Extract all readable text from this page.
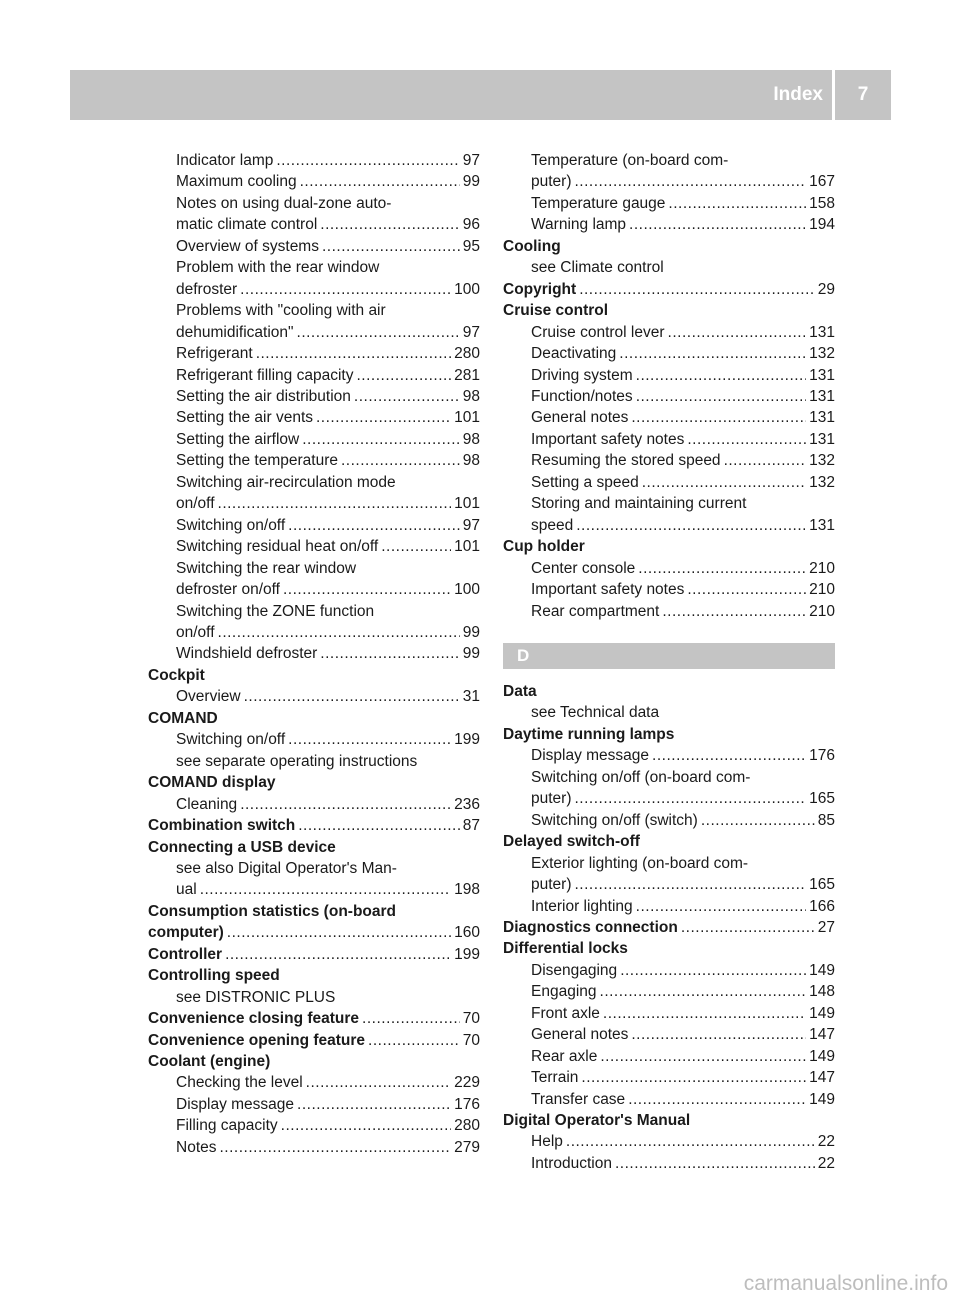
Index	7
Indicator lamp .....	97
Maximum cooling .....	99
Notes on using dual-zone auto-
matic climate control .....	96
Overview of systems .....	95
Problem with the rear window
defroster .....	100
Problems with "cooling with air
dehumidification" .....	97
Refrigerant .....	280
Refrigerant filling capacity .....	281
Setting the air distribution .....	98
Setting the air vents .....	101
Setting the airflow .....	98
Setting the temperature .....	98
Switching air-recirculation mode
on/off .....	101
Switching on/off .....	97
Switching residual heat on/off .....	101
Switching the rear window
defroster on/off .....	100
Switching the ZONE function
on/off .....	99
Windshield defroster .....	99
Cockpit
Overview .....	31
COMAND
Switching on/off .....	199
see separate operating instructions
COMAND display
Cleaning .....	236
Combination switch .....	87
Connecting a USB device
see also Digital Operator's Man-
ual .....	198
Consumption statistics (on-board
computer) .....	160
Controller .....	199
Controlling speed
see DISTRONIC PLUS
Convenience closing feature .....	70
Convenience opening feature .....	70
Coolant (engine)
Checking the level .....	229
Display message .....	176
Filling capacity .....	280
Notes .....	279
Temperature (on-board com-
puter) .....	167
Temperature gauge .....	158
Warning lamp .....	194
Cooling
see Climate control
Copyright .....	29
Cruise control
Cruise control lever .....	131
Deactivating .....	132
Driving system .....	131
Function/notes .....	131
General notes .....	131
Important safety notes .....	131
Resuming the stored speed .....	132
Setting a speed .....	132
Storing and maintaining current
speed .....	131
Cup holder
Center console .....	210
Important safety notes .....	210
Rear compartment .....	210
D
Data
see Technical data
Daytime running lamps
Display message .....	176
Switching on/off (on-board com-
puter) .....	165
Switching on/off (switch) .....	85
Delayed switch-off
Exterior lighting (on-board com-
puter) .....	165
Interior lighting .....	166
Diagnostics connection .....	27
Differential locks
Disengaging .....	149
Engaging .....	148
Front axle .....	149
General notes .....	147
Rear axle .....	149
Terrain .....	147
Transfer case .....	149
Digital Operator's Manual
Help .....	22
Introduction .....	22
carmanualsonline.info
